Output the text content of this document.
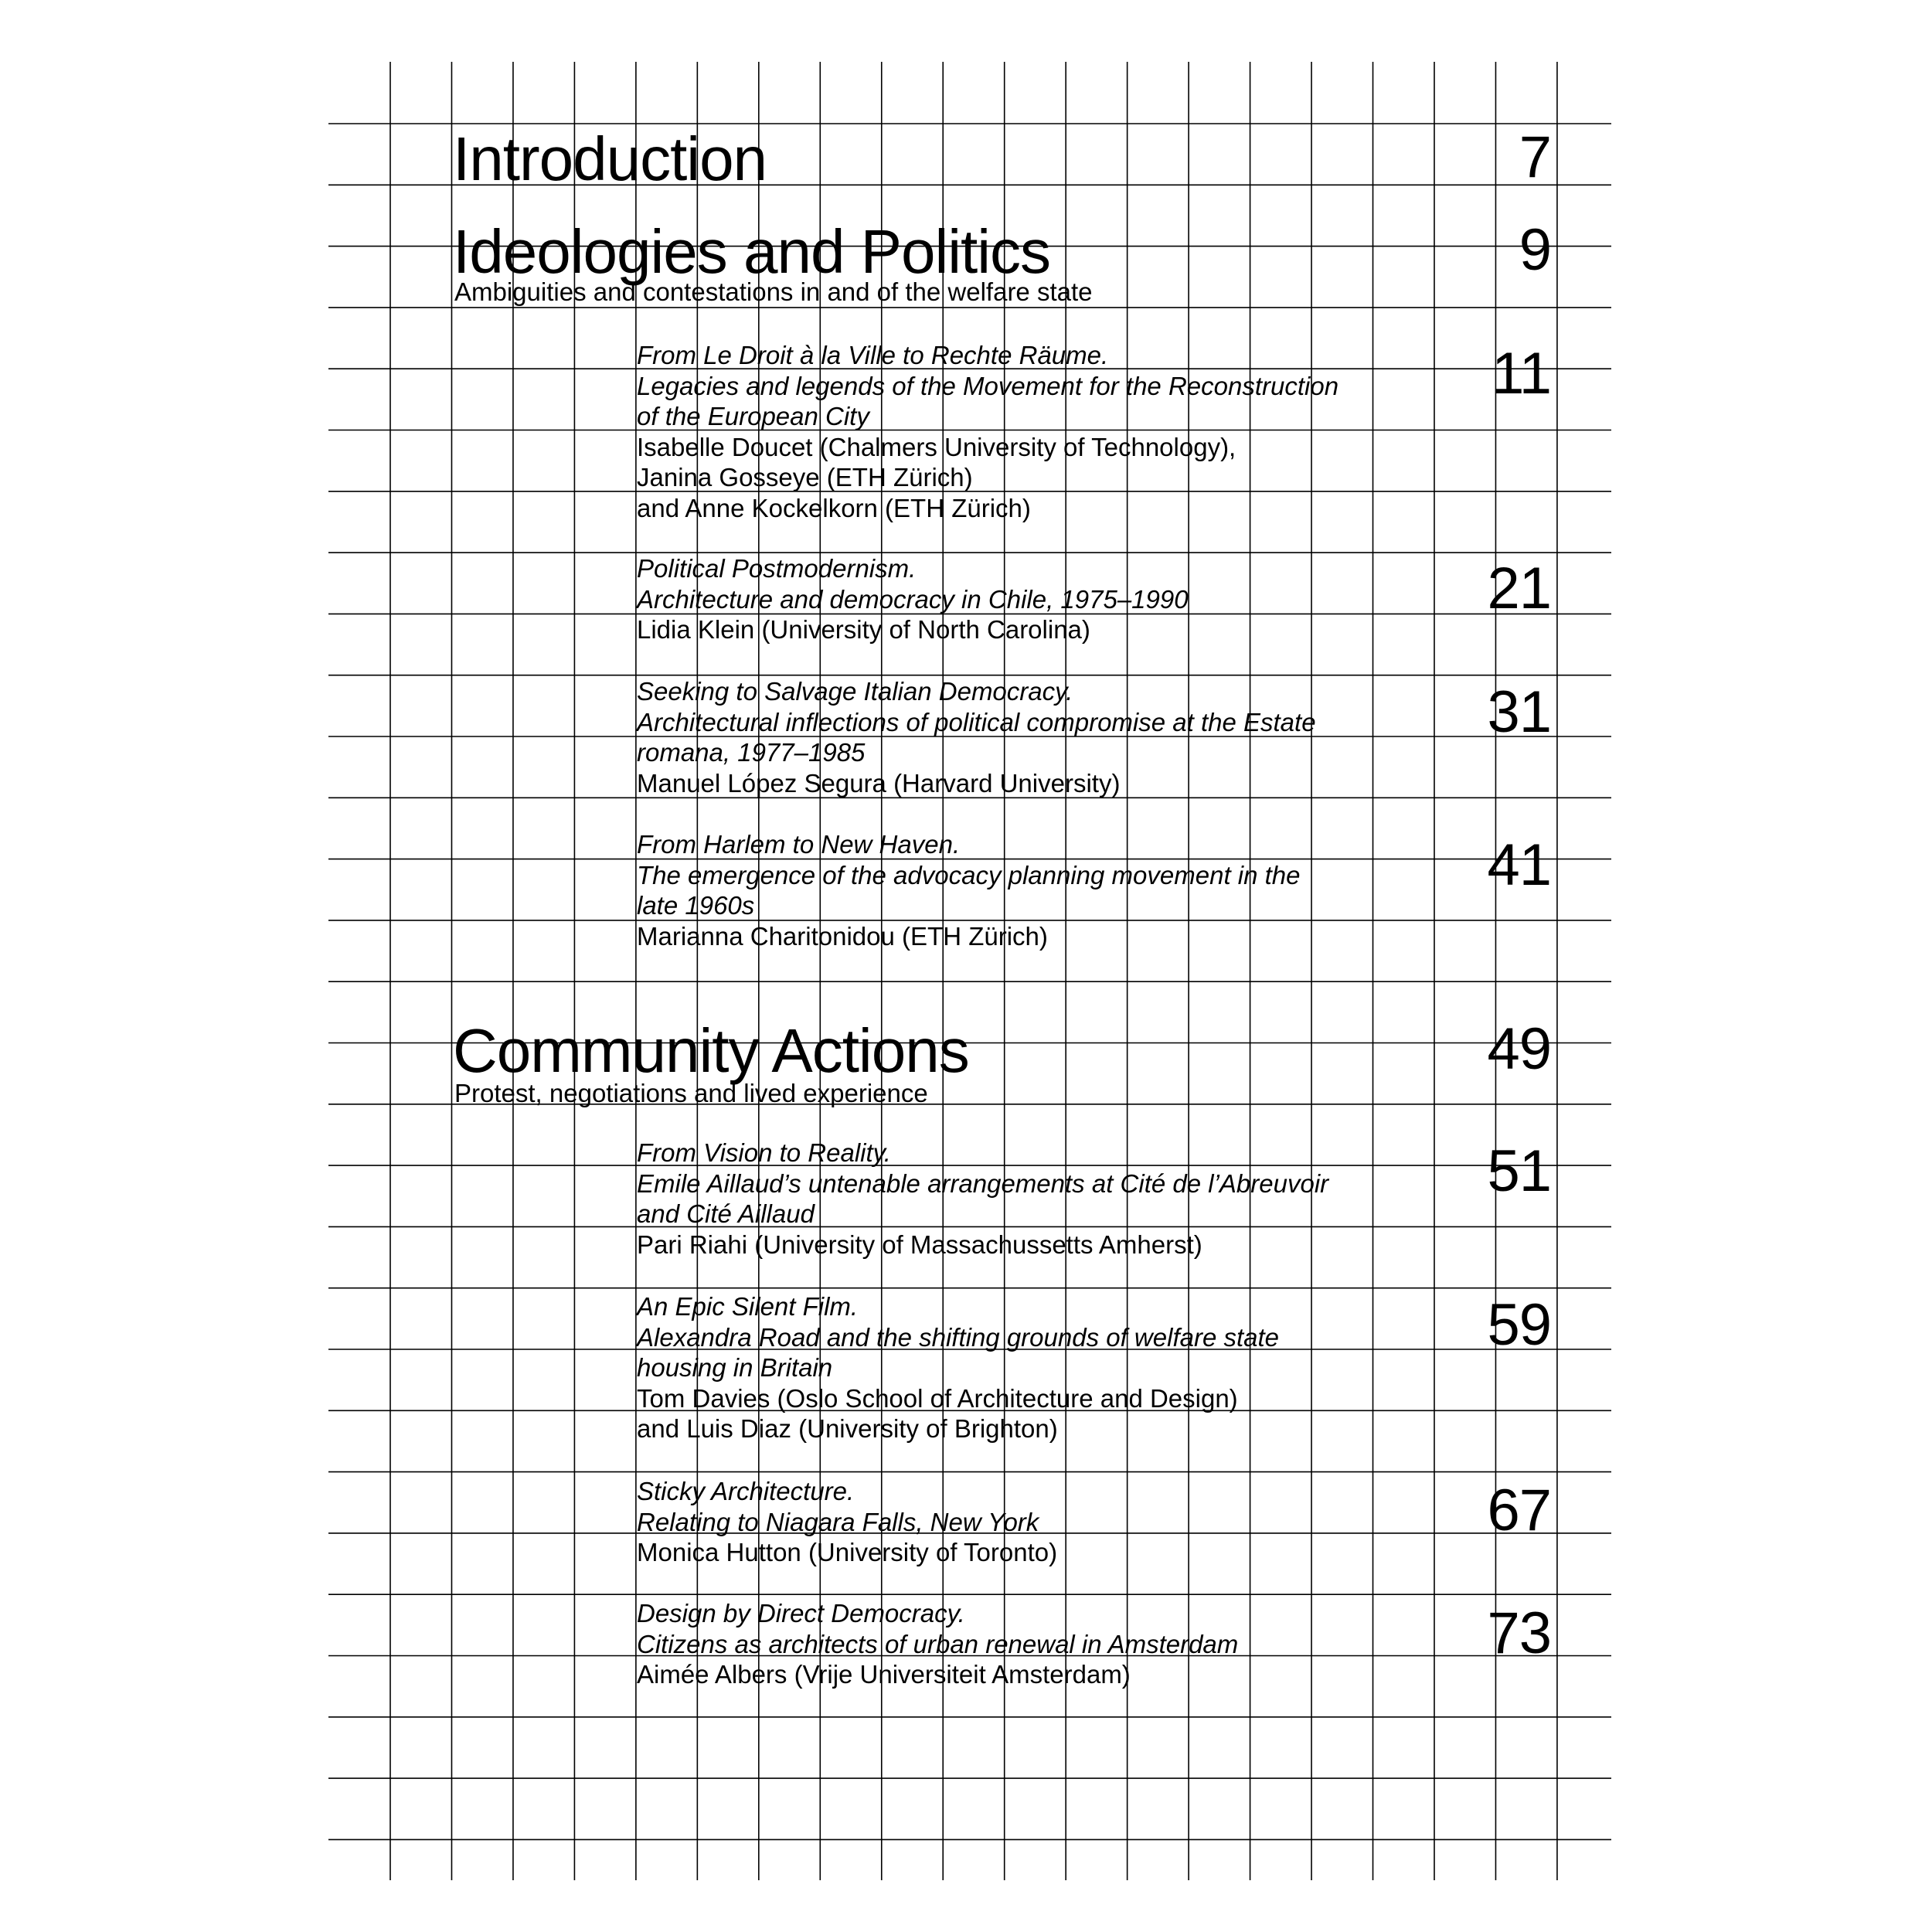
Introduction	7
Ideologies and Politics
Ambiguities and contestations in and of the welfare state
9
Community Actions
Protest, negotiations and lived experience
49
From Le Droit à la Ville to Rechte Räume.
Legacies and legends of the Movement for the Reconstruction
of the European City
Isabelle Doucet (Chalmers University of Technology),
Janina Gosseye (ETH Zürich)
and Anne Kockelkorn (ETH Zürich)
11
Political Postmodernism.
Architecture and democracy in Chile, 1975–1990
Lidia Klein (University of North Carolina)
21
Seeking to Salvage Italian Democracy.
Architectural inflections of political compromise at the Estate
romana, 1977–1985
Manuel López Segura (Harvard University)
31
From Harlem to New Haven.
The emergence of the advocacy planning movement in the
late 1960s
Marianna Charitonidou (ETH Zürich)
41
From Vision to Reality.
Emile Aillaud’s untenable arrangements at Cité de l’Abreuvoir
and Cité Aillaud
Pari Riahi (University of Massachussetts Amherst)
51
An Epic Silent Film.
Alexandra Road and the shifting grounds of welfare state
housing in Britain
Tom Davies (Oslo School of Architecture and Design)
and Luis Diaz (University of Brighton)
59
Sticky Architecture.
Relating to Niagara Falls, New York
Monica Hutton (University of Toronto)
67
Design by Direct Democracy.
Citizens as architects of urban renewal in Amsterdam
Aimée Albers (Vrije Universiteit Amsterdam)
73
